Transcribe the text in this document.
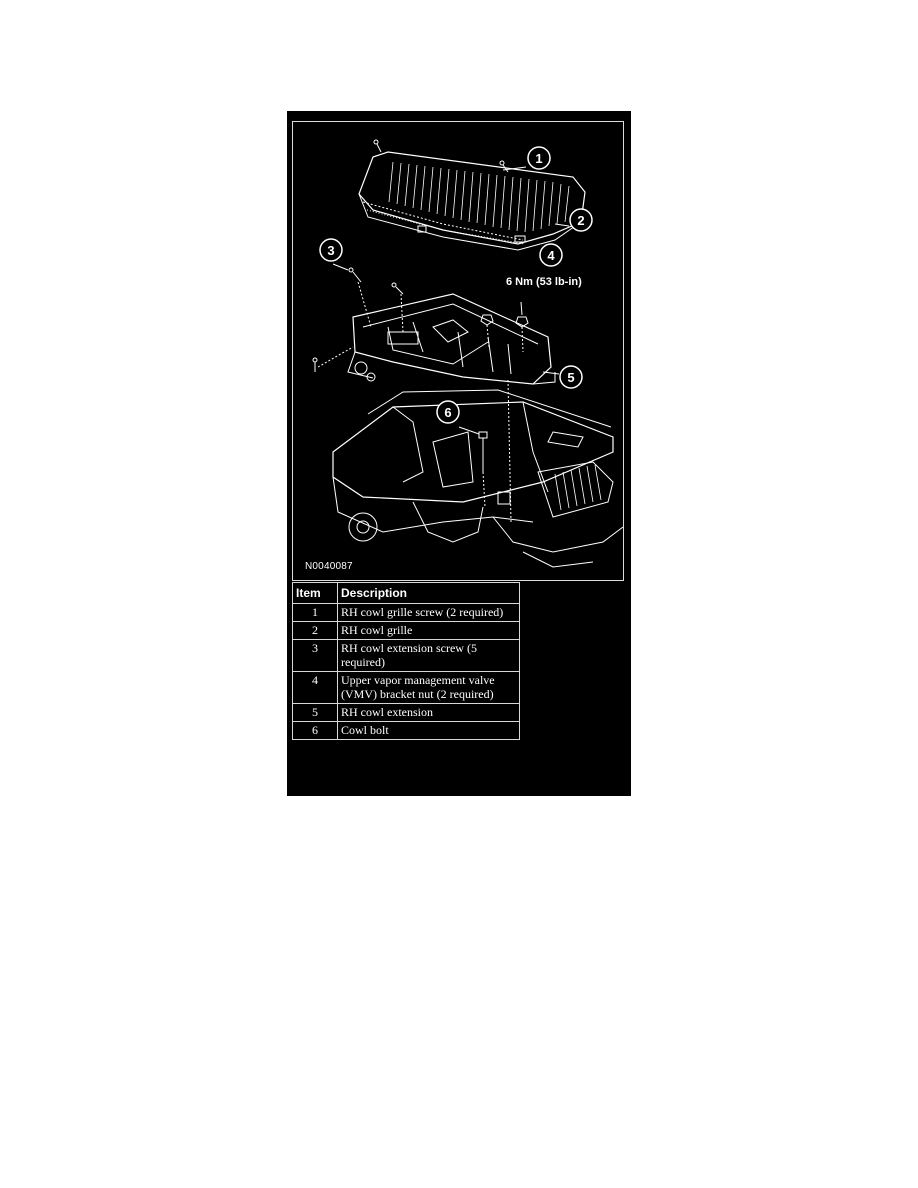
1
2
3	4
6 Nm (53 lb-in)
5
6
N0040087
Item	Description
1	RH cowl grille screw (2 required)
2	RH cowl grille
3	RH cowl extension screw (5 required)
4	Upper vapor management valve (VMV) bracket nut (2 required)
5	RH cowl extension
6	Cowl bolt
